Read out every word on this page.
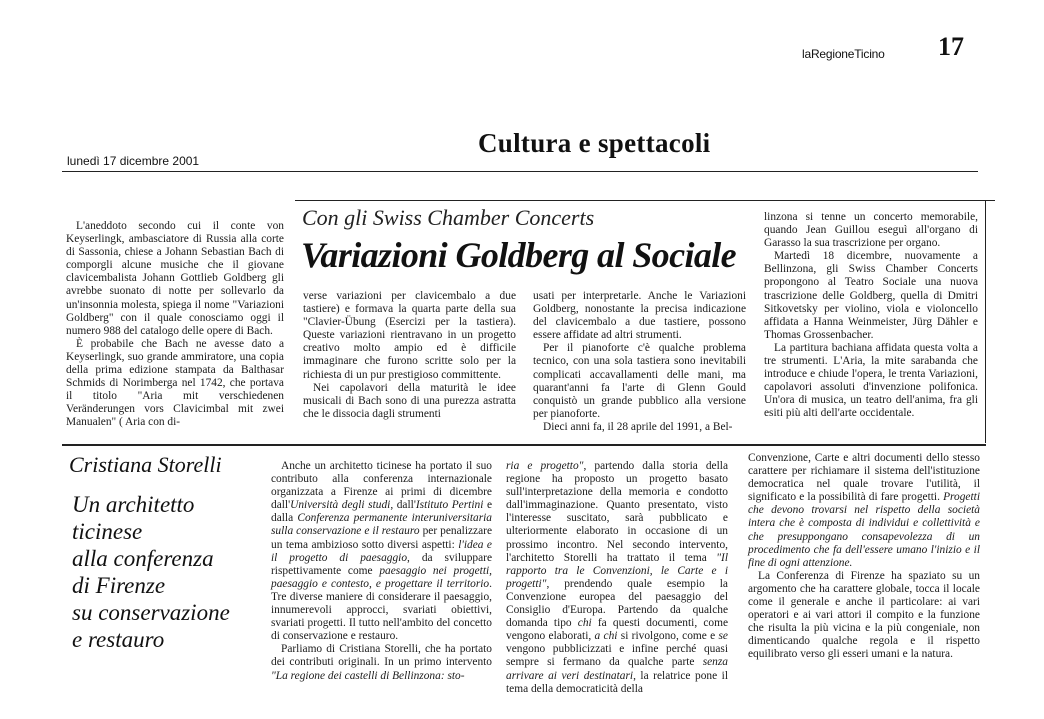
laRegioneTicino 17
lunedì 17 dicembre 2001
Cultura e spettacoli
Con gli Swiss Chamber Concerts
Variazioni Goldberg al Sociale

L'aneddoto secondo cui il conte von Keyserlingk, ambasciatore di Russia alla corte di Sassonia, chiese a Johann Sebastian Bach di comporgli alcune musiche che il giovane clavicembalista Johann Gottlieb Goldberg gli avrebbe suonato di notte per sollevarlo da un'insonnia molesta, spiega il nome "Variazioni Goldberg" con il quale conosciamo oggi il numero 988 del catalogo delle opere di Bach.

È probabile che Bach ne avesse dato a Keyserlingk, suo grande ammiratore, una copia della prima edizione stampata da Balthasar Schmids di Norimberga nel 1742, che portava il titolo "Aria mit verschiedenen Veränderungen vors Clavicimbal mit zwei Manualen" ( Aria con di-

verse variazioni per clavicembalo a due tastiere) e formava la quarta parte della sua "Clavier-Übung (Esercizi per la tastiera). Queste variazioni rientravano in un progetto creativo molto ampio ed è difficile immaginare che furono scritte solo per la richiesta di un pur prestigioso committente.

Nei capolavori della maturità le idee musicali di Bach sono di una purezza astratta che le dissocia dagli strumenti

usati per interpretarle. Anche le Variazioni Goldberg, nonostante la precisa indicazione del clavicembalo a due tastiere, possono essere affidate ad altri strumenti.

Per il pianoforte c'è qualche problema tecnico, con una sola tastiera sono inevitabili complicati accavallamenti delle mani, ma quarant'anni fa l'arte di Glenn Gould conquistò un grande pubblico alla versione per pianoforte.

Dieci anni fa, il 28 aprile del 1991, a Bel-

linzona si tenne un concerto memorabile, quando Jean Guillou eseguì all'organo di Garasso la sua trascrizione per organo.

Martedì 18 dicembre, nuovamente a Bellinzona, gli Swiss Chamber Concerts propongono al Teatro Sociale una nuova trascrizione delle Goldberg, quella di Dmitri Sitkovetsky per violino, viola e violoncello affidata a Hanna Weinmeister, Jürg Dähler e Thomas Grossenbacher.

La partitura bachiana affidata questa volta a tre strumenti. L'Aria, la mite sarabanda che introduce e chiude l'opera, le trenta Variazioni, capolavori assoluti d'invenzione polifonica. Un'ora di musica, un teatro dell'anima, fra gli esiti più alti dell'arte occidentale.

Cristiana Storelli
Un architetto
ticinese
alla conferenza
di Firenze
su conservazione
e restauro

Anche un architetto ticinese ha portato il suo contributo alla conferenza internazionale organizzata a Firenze ai primi di dicembre dall'Università degli studi, dall'Istituto Pertini e dalla Conferenza permanente interuniversitaria sulla conservazione e il restauro per penalizzare un tema ambizioso sotto diversi aspetti: l'idea e il progetto di paesaggio, da sviluppare rispettivamente come paesaggio nei progetti, paesaggio e contesto, e progettare il territorio. Tre diverse maniere di considerare il paesaggio, innumerevoli approcci, svariati obiettivi, svariati progetti. Il tutto nell'ambito del concetto di conservazione e restauro.

Parliamo di Cristiana Storelli, che ha portato dei contributi originali. In un primo intervento "La regione dei castelli di Bellinzona: sto-

ria e progetto", partendo dalla storia della regione ha proposto un progetto basato sull'interpretazione della memoria e condotto dall'immaginazione. Quanto presentato, visto l'interesse suscitato, sarà pubblicato e ulteriormente elaborato in occasione di un prossimo incontro. Nel secondo intervento, l'architetto Storelli ha trattato il tema "Il rapporto tra le Convenzioni, le Carte e i progetti", prendendo quale esempio la Convenzione europea del paesaggio del Consiglio d'Europa. Partendo da qualche domanda tipo chi fa questi documenti, come vengono elaborati, a chi si rivolgono, come e se vengono pubblicizzati e infine perché quasi sempre si fermano da qualche parte senza arrivare ai veri destinatari, la relatrice pone il tema della democraticità della

Convenzione, Carte e altri documenti dello stesso carattere per richiamare il sistema dell'istituzione democratica nel quale trovare l'utilità, il significato e la possibilità di fare progetti. Progetti che devono trovarsi nel rispetto della società intera che è composta di individui e collettività e che presuppongano consapevolezza di un procedimento che fa dell'essere umano l'inizio e il fine di ogni attenzione.

La Conferenza di Firenze ha spaziato su un argomento che ha carattere globale, tocca il locale come il generale e anche il particolare: ai vari operatori e ai vari attori il compito e la funzione che risulta la più vicina e la più congeniale, non dimenticando qualche regola e il rispetto equilibrato verso gli esseri umani e la natura.
